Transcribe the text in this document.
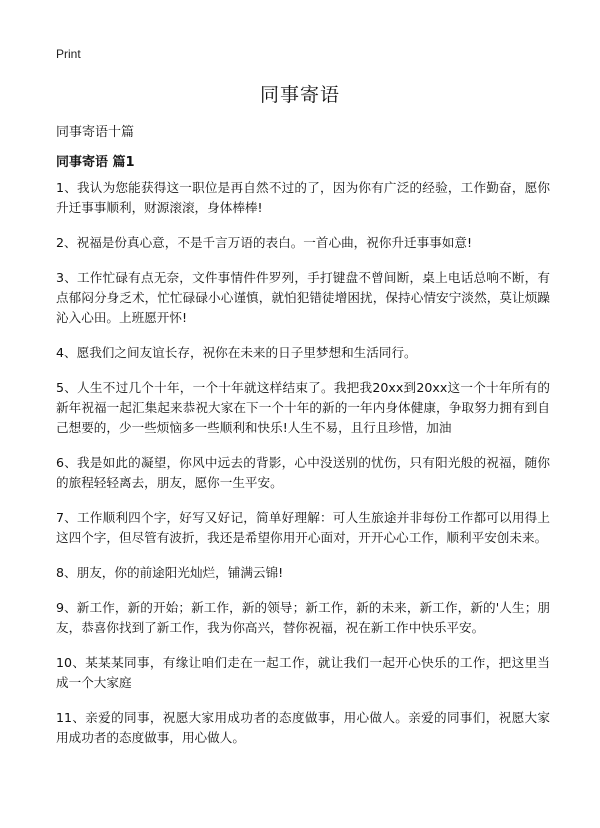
Print
同事寄语
同事寄语十篇
同事寄语 篇1

1、我认为您能获得这一职位是再自然不过的了，因为你有广泛的经验，工作勤奋，愿你升迁事事顺利，财源滚滚，身体棒棒!

2、祝福是份真心意，不是千言万语的表白。一首心曲，祝你升迁事事如意!

3、工作忙碌有点无奈，文件事情件件罗列，手打键盘不曾间断，桌上电话总响不断，有点郁闷分身乏术，忙忙碌碌小心谨慎，就怕犯错徒增困扰，保持心情安宁淡然，莫让烦躁沁入心田。上班愿开怀!

4、愿我们之间友谊长存，祝你在未来的日子里梦想和生活同行。

5、人生不过几个十年，一个十年就这样结束了。我把我20xx到20xx这一个十年所有的新年祝福一起汇集起来恭祝大家在下一个十年的新的一年内身体健康，争取努力拥有到自己想要的，少一些烦恼多一些顺利和快乐!人生不易，且行且珍惜，加油

6、我是如此的凝望，你风中远去的背影，心中没送别的忧伤，只有阳光般的祝福，随你的旅程轻轻离去，朋友，愿你一生平安。

7、工作顺利四个字，好写又好记，简单好理解：可人生旅途并非每份工作都可以用得上这四个字，但尽管有波折，我还是希望你用开心面对，开开心心工作，顺利平安创未来。

8、朋友，你的前途阳光灿烂，铺满云锦!

9、新工作，新的开始；新工作，新的领导；新工作，新的未来，新工作，新的'人生；朋友，恭喜你找到了新工作，我为你高兴，替你祝福，祝在新工作中快乐平安。

10、某某某同事，有缘让咱们走在一起工作，就让我们一起开心快乐的工作，把这里当成一个大家庭

11、亲爱的同事，祝愿大家用成功者的态度做事，用心做人。亲爱的同事们，祝愿大家用成功者的态度做事，用心做人。
